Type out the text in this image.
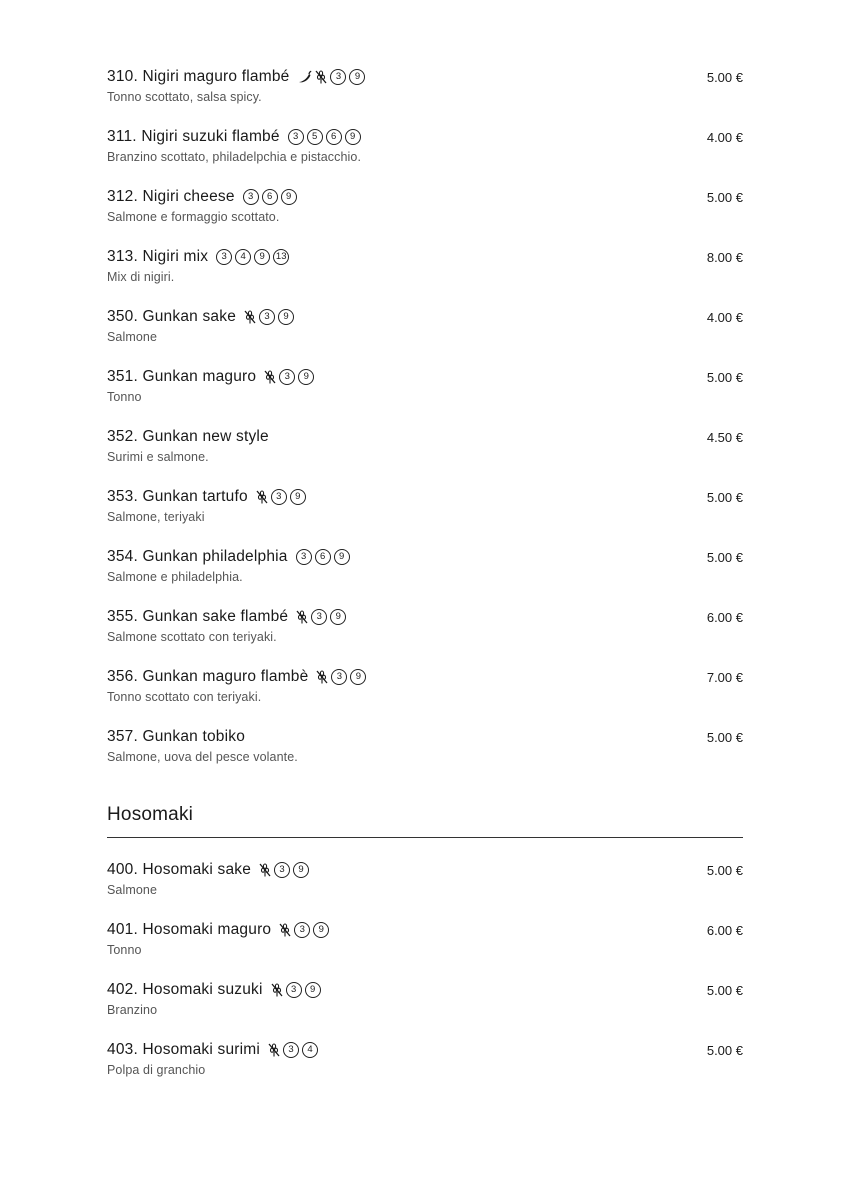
310. Nigiri maguro flambé	3	9
Tonno scottato, salsa spicy.
5.00 €
311. Nigiri suzuki flambé	3	5	6	9
Branzino scottato, philadelpchia e pistacchio.
4.00 €
312. Nigiri cheese	3	6	9
Salmone e formaggio scottato.
5.00 €
313. Nigiri mix	3	4	9	13
Mix di nigiri.
8.00 €
350. Gunkan sake	3	9
Salmone
4.00 €
351. Gunkan maguro	3	9
Tonno
5.00 €
352. Gunkan new style
Surimi e salmone.
4.50 €
353. Gunkan tartufo	3	9
Salmone, teriyaki
5.00 €
354. Gunkan philadelphia	3	6	9
Salmone e philadelphia.
5.00 €
355. Gunkan sake flambé	3	9
Salmone scottato con teriyaki.
6.00 €
356. Gunkan maguro flambè	3	9
Tonno scottato con teriyaki.
7.00 €
357. Gunkan tobiko
Salmone, uova del pesce volante.
5.00 €
Hosomaki
400. Hosomaki sake	3	9
Salmone
5.00 €
401. Hosomaki maguro	3	9
Tonno
6.00 €
402. Hosomaki suzuki	3	9
Branzino
5.00 €
403. Hosomaki surimi	3	4
Polpa di granchio
5.00 €
